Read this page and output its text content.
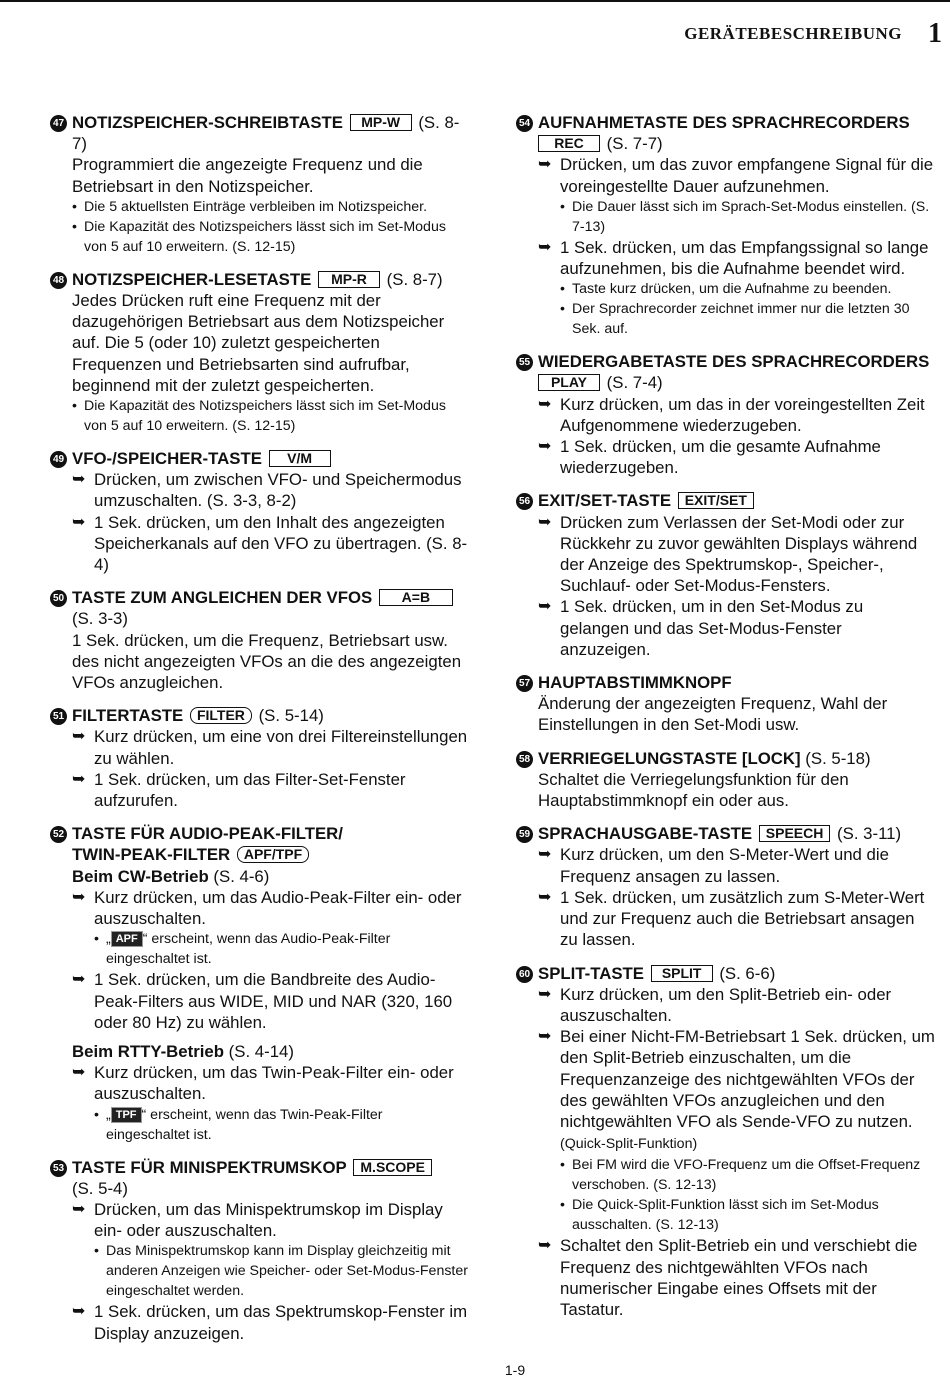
GERÄTEBESCHREIBUNG 1
47 NOTIZSPEICHER-SCHREIBTASTE MP-W (S. 8-7)

Programmiert die angezeigte Frequenz und die Betriebsart in den Notizspeicher.

• Die 5 aktuellsten Einträge verbleiben im Notizspeicher.

• Die Kapazität des Notizspeichers lässt sich im Set-Modus von 5 auf 10 erweitern. (S. 12-15)

48 NOTIZSPEICHER-LESETASTE MP-R (S. 8-7)

Jedes Drücken ruft eine Frequenz mit der dazugehörigen Betriebsart aus dem Notizspeicher auf. Die 5 (oder 10) zuletzt gespeicherten Frequenzen und Betriebsarten sind aufrufbar, beginnend mit der zuletzt gespeicherten.

• Die Kapazität des Notizspeichers lässt sich im Set-Modus von 5 auf 10 erweitern. (S. 12-15)

49 VFO-/SPEICHER-TASTE V/M

➥ Drücken, um zwischen VFO- und Speichermodus umzuschalten. (S. 3-3, 8-2)

➥ 1 Sek. drücken, um den Inhalt des angezeigten Speicherkanals auf den VFO zu übertragen. (S. 8-4)

50 TASTE ZUM ANGLEICHEN DER VFOS A=B
(S. 3-3)

1 Sek. drücken, um die Frequenz, Betriebsart usw. des nicht angezeigten VFOs an die des angezeigten VFOs anzugleichen.

51 FILTERTASTE FILTER (S. 5-14)

➥ Kurz drücken, um eine von drei Filtereinstellungen zu wählen.

➥ 1 Sek. drücken, um das Filter-Set-Fenster aufzurufen.

52 TASTE FÜR AUDIO-PEAK-FILTER/
TWIN-PEAK-FILTER APF/TPF

Beim CW-Betrieb (S. 4-6)

➥ Kurz drücken, um das Audio-Peak-Filter ein- oder auszuschalten.

• „ APF “ erscheint, wenn das Audio-Peak-Filter eingeschaltet ist.

➥ 1 Sek. drücken, um die Bandbreite des Audio-Peak-Filters aus WIDE, MID und NAR (320, 160 oder 80 Hz) zu wählen.

Beim RTTY-Betrieb (S. 4-14)

➥ Kurz drücken, um das Twin-Peak-Filter ein- oder auszuschalten.

• „ TPF “ erscheint, wenn das Twin-Peak-Filter eingeschaltet ist.

53 TASTE FÜR MINISPEKTRUMSKOP M.SCOPE
(S. 5-4)

➥ Drücken, um das Minispektrumskop im Display ein- oder auszuschalten.

• Das Minispektrumskop kann im Display gleichzeitig mit anderen Anzeigen wie Speicher- oder Set-Modus-Fenster eingeschaltet werden.

➥ 1 Sek. drücken, um das Spektrumskop-Fenster im Display anzuzeigen.

54 AUFNAHMETASTE DES SPRACHRECORDERS
REC (S. 7-7)

➥ Drücken, um das zuvor empfangene Signal für die voreingestellte Dauer aufzunehmen.

• Die Dauer lässt sich im Sprach-Set-Modus einstellen. (S. 7-13)

➥ 1 Sek. drücken, um das Empfangssignal so lange aufzunehmen, bis die Aufnahme beendet wird.

• Taste kurz drücken, um die Aufnahme zu beenden.

• Der Sprachrecorder zeichnet immer nur die letzten 30 Sek. auf.

55 WIEDERGABETASTE DES SPRACHRECORDERS
PLAY (S. 7-4)

➥ Kurz drücken, um das in der voreingestellten Zeit Aufgenommene wiederzugeben.

➥ 1 Sek. drücken, um die gesamte Aufnahme wiederzugeben.

56 EXIT/SET-TASTE EXIT/SET

➥ Drücken zum Verlassen der Set-Modi oder zur Rückkehr zu zuvor gewählten Displays während der Anzeige des Spektrumskop-, Speicher-, Suchlauf- oder Set-Modus-Fensters.

➥ 1 Sek. drücken, um in den Set-Modus zu gelangen und das Set-Modus-Fenster anzuzeigen.

57 HAUPTABSTIMMKNOPF

Änderung der angezeigten Frequenz, Wahl der Einstellungen in den Set-Modi usw.

58 VERRIEGELUNGSTASTE [LOCK] (S. 5-18)

Schaltet die Verriegelungsfunktion für den Hauptabstimmknopf ein oder aus.

59 SPRACHAUSGABE-TASTE SPEECH (S. 3-11)

➥ Kurz drücken, um den S-Meter-Wert und die Frequenz ansagen zu lassen.

➥ 1 Sek. drücken, um zusätzlich zum S-Meter-Wert und zur Frequenz auch die Betriebsart ansagen zu lassen.

60 SPLIT-TASTE SPLIT (S. 6-6)

➥ Kurz drücken, um den Split-Betrieb ein- oder auszuschalten.

➥ Bei einer Nicht-FM-Betriebsart 1 Sek. drücken, um den Split-Betrieb einzuschalten, um die Frequenzanzeige des nichtgewählten VFOs der des gewählten VFOs anzugleichen und den nichtgewählten VFO als Sende-VFO zu nutzen. (Quick-Split-Funktion)

• Bei FM wird die VFO-Frequenz um die Offset-Frequenz verschoben. (S. 12-13)

• Die Quick-Split-Funktion lässt sich im Set-Modus ausschalten. (S. 12-13)

➥ Schaltet den Split-Betrieb ein und verschiebt die Frequenz des nichtgewählten VFOs nach numerischer Eingabe eines Offsets mit der Tastatur.

1-9
